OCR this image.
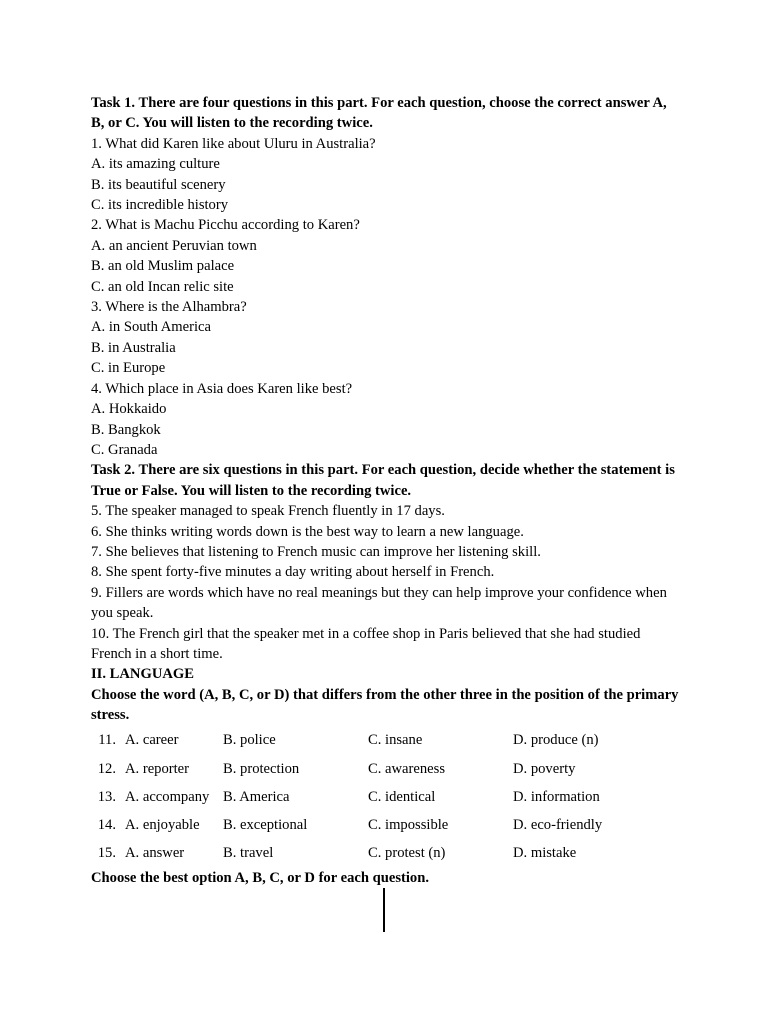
Task 1. There are four questions in this part. For each question, choose the correct answer A, B, or C. You will listen to the recording twice.
1. What did Karen like about Uluru in Australia?
A. its amazing culture
B. its beautiful scenery
C. its incredible history
2. What is Machu Picchu according to Karen?
A. an ancient Peruvian town
B. an old Muslim palace
C. an old Incan relic site
3. Where is the Alhambra?
A. in South America
B. in Australia
C. in Europe
4. Which place in Asia does Karen like best?
A. Hokkaido
B. Bangkok
C. Granada
Task 2. There are six questions in this part. For each question, decide whether the statement is True or False. You will listen to the recording twice.
5. The speaker managed to speak French fluently in 17 days.
6. She thinks writing words down is the best way to learn a new language.
7. She believes that listening to French music can improve her listening skill.
8. She spent forty-five minutes a day writing about herself in French.
9. Fillers are words which have no real meanings but they can help improve your confidence when you speak.
10. The French girl that the speaker met in a coffee shop in Paris believed that she had studied French in a short time.
II. LANGUAGE
Choose the word (A, B, C, or D) that differs from the other three in the position of the primary stress.
11. A. career	B. police	C. insane	D. produce (n)
12. A. reporter	B. protection	C. awareness	D. poverty
13. A. accompany	B. America	C. identical	D. information
14. A. enjoyable	B. exceptional	C. impossible	D. eco-friendly
15. A. answer	B. travel	C. protest (n)	D. mistake
Choose the best option A, B, C, or D for each question.
